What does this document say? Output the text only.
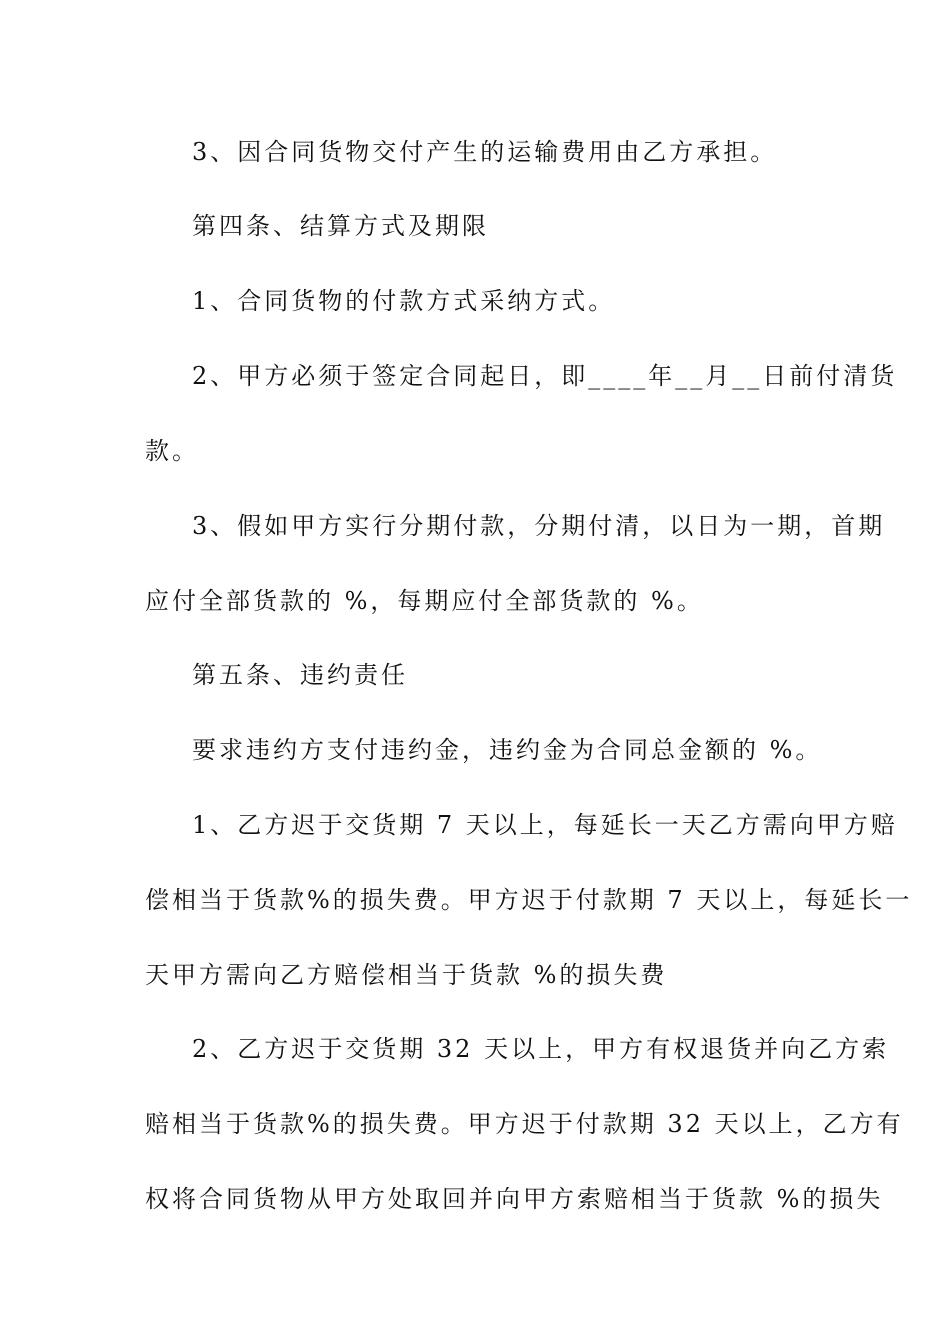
3、因合同货物交付产生的运输费用由乙方承担。
第四条、结算方式及期限
1、合同货物的付款方式采纳方式。
2、甲方必须于签定合同起日，即____年__月__日前付清货
款。
3、假如甲方实行分期付款，分期付清，以日为一期，首期
应付全部货款的 %，每期应付全部货款的 %。
第五条、违约责任
要求违约方支付违约金，违约金为合同总金额的 %。
1、乙方迟于交货期 7 天以上，每延长一天乙方需向甲方赔
偿相当于货款%的损失费。甲方迟于付款期 7 天以上，每延长一
天甲方需向乙方赔偿相当于货款 %的损失费
2、乙方迟于交货期 32 天以上，甲方有权退货并向乙方索
赔相当于货款%的损失费。甲方迟于付款期 32 天以上，乙方有
权将合同货物从甲方处取回并向甲方索赔相当于货款 %的损失
